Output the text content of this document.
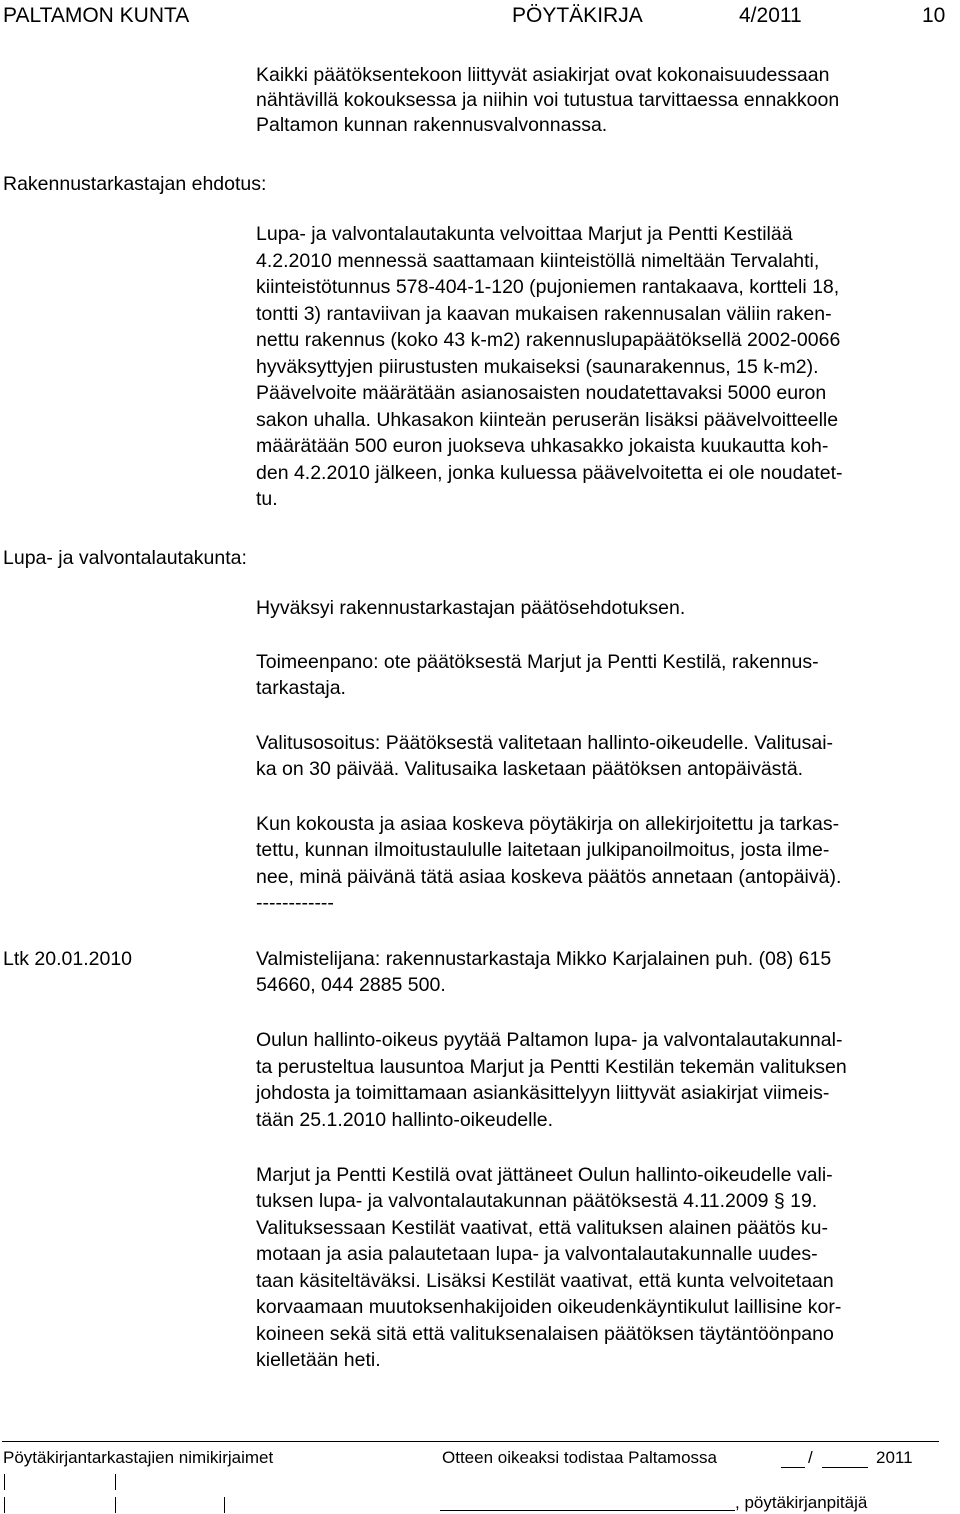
PALTAMON KUNTA	PÖYTÄKIRJA	4/2011	10
Rakennustarkastajan ehdotus:
Lupa- ja valvontalautakunta:
Ltk 20.01.2010
Kaikki päätöksentekoon liittyvät asiakirjat ovat kokonaisuudessaan
nähtävillä kokouksessa ja niihin voi tutustua tarvittaessa ennakkoon
Paltamon kunnan rakennusvalvonnassa.
Lupa- ja valvontalautakunta velvoittaa Marjut ja Pentti Kestilää
4.2.2010 mennessä saattamaan kiinteistöllä nimeltään Tervalahti,
kiinteistötunnus 578-404-1-120 (pujoniemen rantakaava, kortteli 18,
tontti 3) rantaviivan ja kaavan mukaisen rakennusalan väliin raken-
nettu rakennus (koko 43 k-m2) rakennuslupapäätöksellä 2002-0066
hyväksyttyjen piirustusten mukaiseksi (saunarakennus, 15 k-m2).
Päävelvoite määrätään asianosaisten noudatettavaksi 5000 euron
sakon uhalla. Uhkasakon kiinteän peruserän lisäksi päävelvoitteelle
määrätään 500 euron juokseva uhkasakko jokaista kuukautta koh-
den 4.2.2010 jälkeen, jonka kuluessa päävelvoitetta ei ole noudatet-
tu.
Hyväksyi rakennustarkastajan päätösehdotuksen.
Toimeenpano: ote päätöksestä Marjut ja Pentti Kestilä, rakennus-
tarkastaja.
Valitusosoitus: Päätöksestä valitetaan hallinto-oikeudelle. Valitusai-
ka on 30 päivää. Valitusaika lasketaan päätöksen antopäivästä.
Kun kokousta ja asiaa koskeva pöytäkirja on allekirjoitettu ja tarkas-
tettu, kunnan ilmoitustaululle laitetaan julkipanoilmoitus, josta ilme-
nee, minä päivänä tätä asiaa koskeva päätös annetaan (antopäivä).
------------
Valmistelijana: rakennustarkastaja Mikko Karjalainen puh. (08) 615
54660, 044 2885 500.
Oulun hallinto-oikeus pyytää Paltamon lupa- ja valvontalautakunnal-
ta perusteltua lausuntoa Marjut ja Pentti Kestilän tekemän valituksen
johdosta ja toimittamaan asiankäsittelyyn liittyvät asiakirjat viimeis-
tään 25.1.2010 hallinto-oikeudelle.
Marjut ja Pentti Kestilä ovat jättäneet Oulun hallinto-oikeudelle vali-
tuksen lupa- ja valvontalautakunnan päätöksestä 4.11.2009 § 19.
Valituksessaan Kestilät vaativat, että valituksen alainen päätös ku-
motaan ja asia palautetaan lupa- ja valvontalautakunnalle uudes-
taan käsiteltäväksi. Lisäksi Kestilät vaativat, että kunta velvoitetaan
korvaamaan muutoksenhakijoiden oikeudenkäyntikulut laillisine kor-
koineen sekä sitä että valituksenalaisen päätöksen täytäntöönpano
kielletään heti.
Pöytäkirjantarkastajien nimikirjaimet	Otteen oikeaksi todistaa Paltamossa	/	2011
, pöytäkirjanpitäjä
